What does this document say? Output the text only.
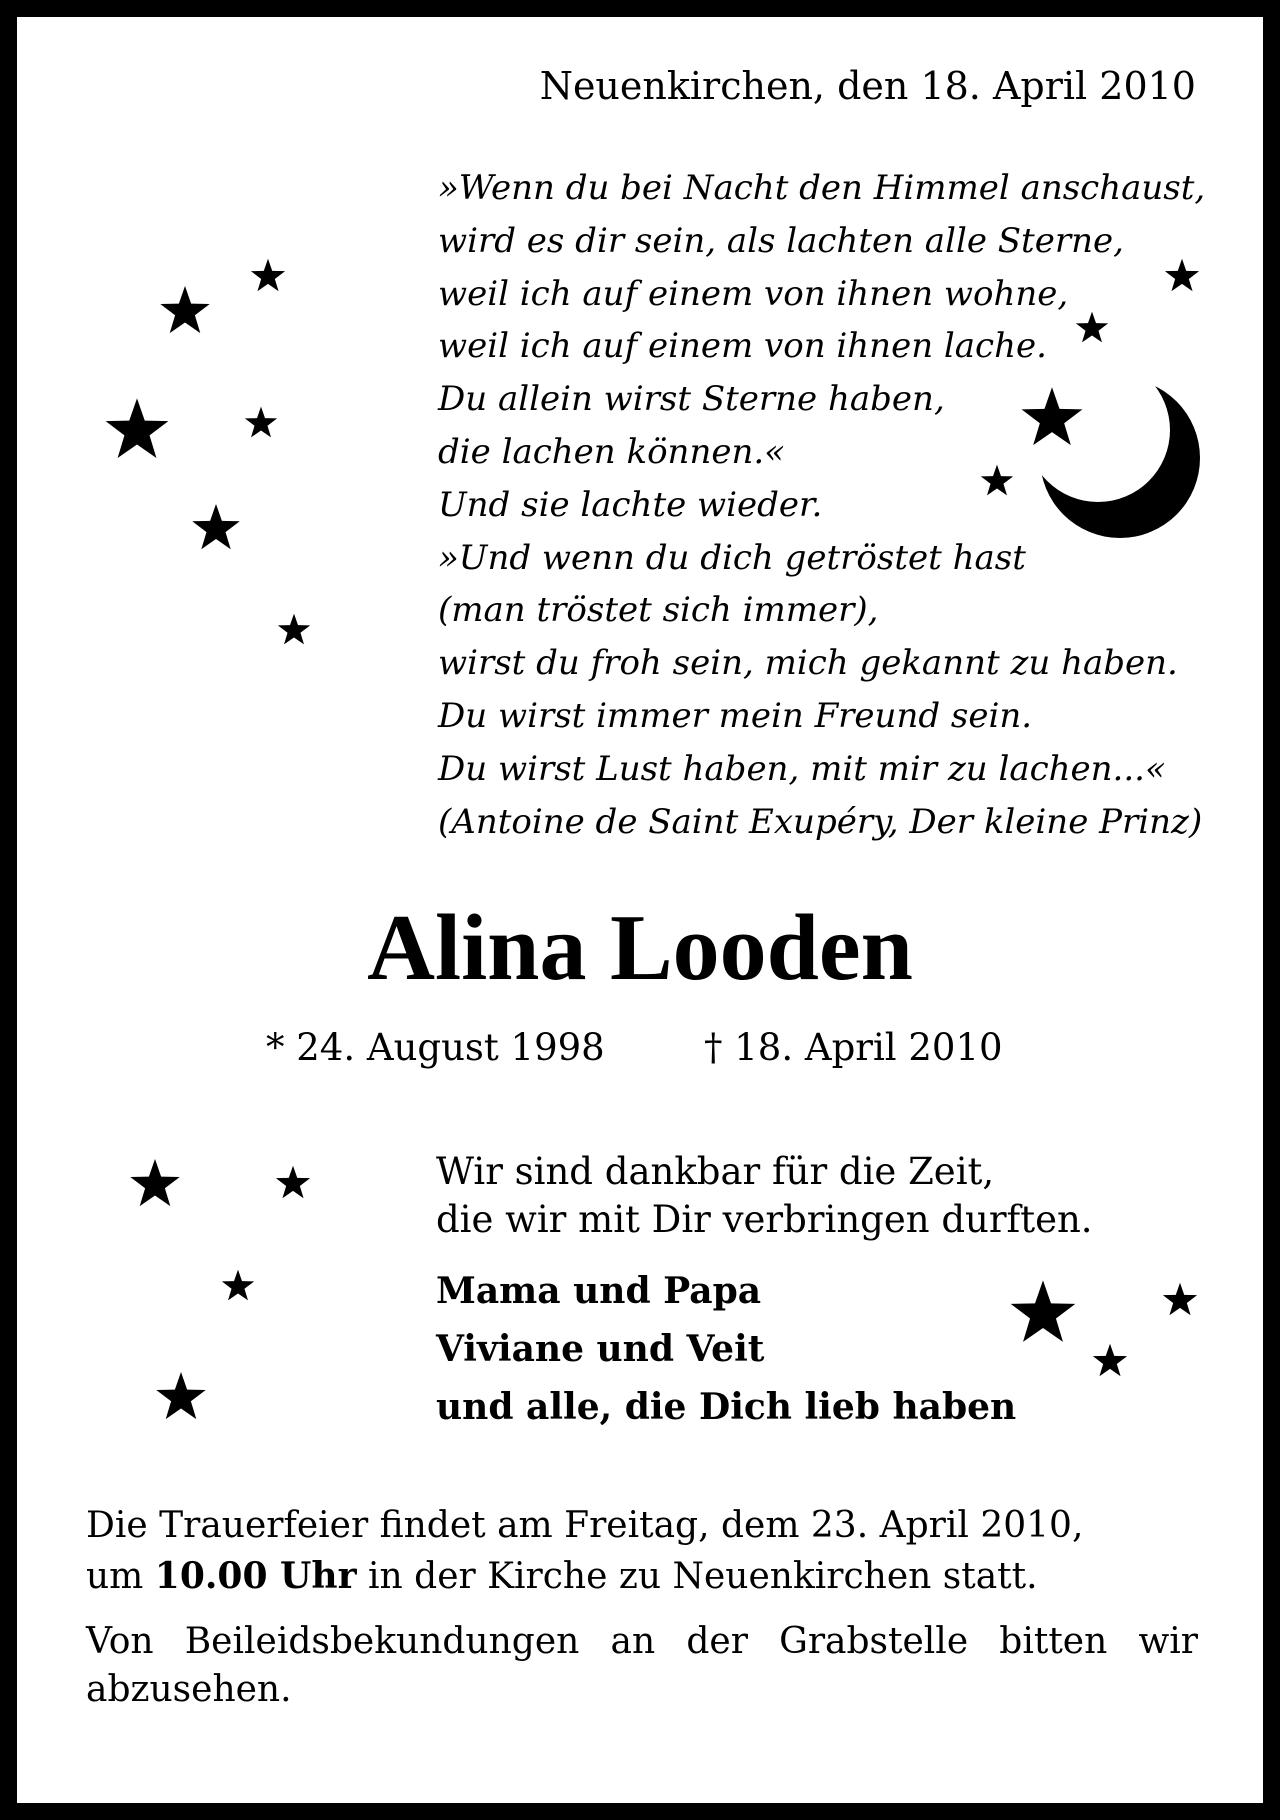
Neuenkirchen, den 18. April 2010
»Wenn du bei Nacht den Himmel anschaust,
wird es dir sein, als lachten alle Sterne,
weil ich auf einem von ihnen wohne,
weil ich auf einem von ihnen lache.
Du allein wirst Sterne haben,
die lachen können.«
Und sie lachte wieder.
»Und wenn du dich getröstet hast
(man tröstet sich immer),
wirst du froh sein, mich gekannt zu haben.
Du wirst immer mein Freund sein.
Du wirst Lust haben, mit mir zu lachen...«
(Antoine de Saint Exupéry, Der kleine Prinz)
Alina Looden
* 24. August 1998	† 18. April 2010
Wir sind dankbar für die Zeit,
die wir mit Dir verbringen durften.
Mama und Papa
Viviane und Veit
und alle, die Dich lieb haben
Die Trauerfeier findet am Freitag, dem 23. April 2010,
um 10.00 Uhr in der Kirche zu Neuenkirchen statt.
Von Beileidsbekundungen an der Grabstelle bitten wir abzusehen.
